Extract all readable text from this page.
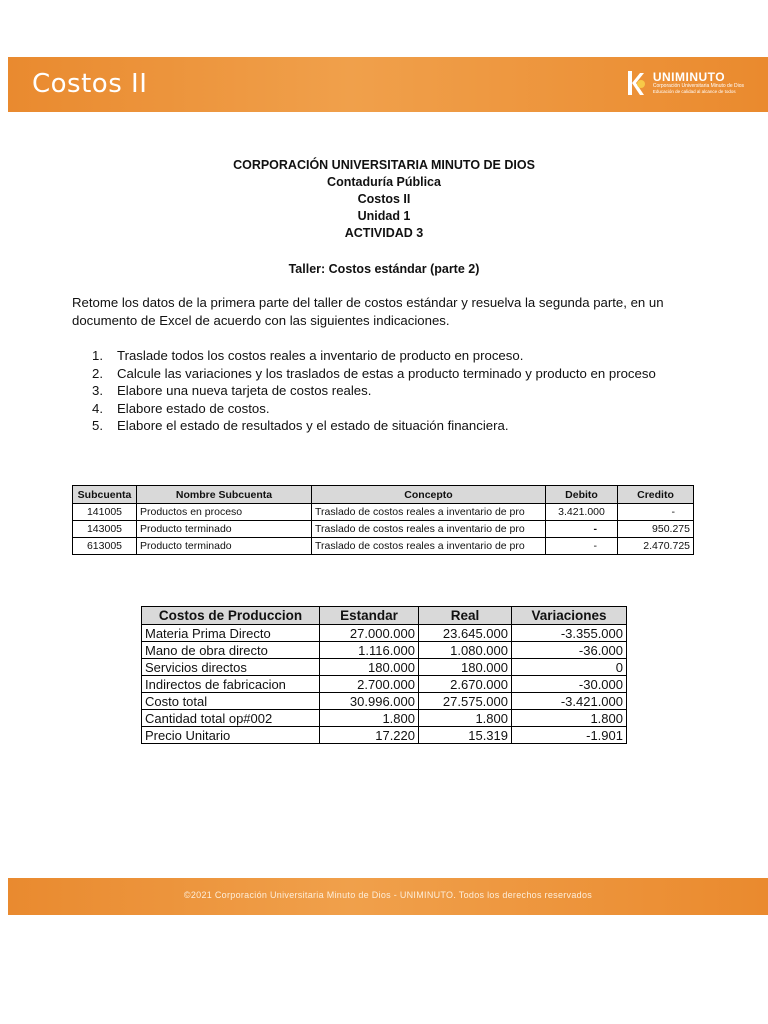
Costos II	UNIMINUTO
Corporación Universitaria Minuto de Dios
Educación de calidad al alcance de todos
CORPORACIÓN UNIVERSITARIA MINUTO DE DIOS
Contaduría Pública
Costos II
Unidad 1
ACTIVIDAD 3
Taller: Costos estándar (parte 2)
Retome los datos de la primera parte del taller de costos estándar y resuelva la segunda parte, en un documento de Excel de acuerdo con las siguientes indicaciones.
1. Traslade todos los costos reales a inventario de producto en proceso.
2. Calcule las variaciones y los traslados de estas a producto terminado y producto en proceso
3. Elabore una nueva tarjeta de costos reales.
4. Elabore estado de costos.
5. Elabore el estado de resultados y el estado de situación financiera.
Subcuenta	Nombre Subcuenta	Concepto	Debito	Credito
141005	Productos en proceso	Traslado de costos reales a inventario de pro	3.421.000	-
143005	Producto terminado	Traslado de costos reales a inventario de pro	-	950.275
613005	Producto terminado	Traslado de costos reales a inventario de pro	-	2.470.725
Costos de Produccion	Estandar	Real	Variaciones
Materia Prima Directo	27.000.000	23.645.000	-3.355.000
Mano de obra directo	1.116.000	1.080.000	-36.000
Servicios directos	180.000	180.000	0
Indirectos de fabricacion	2.700.000	2.670.000	-30.000
Costo total	30.996.000	27.575.000	-3.421.000
Cantidad total op#002	1.800	1.800	1.800
Precio Unitario	17.220	15.319	-1.901
©2021 Corporación Universitaria Minuto de Dios - UNIMINUTO. Todos los derechos reservados
